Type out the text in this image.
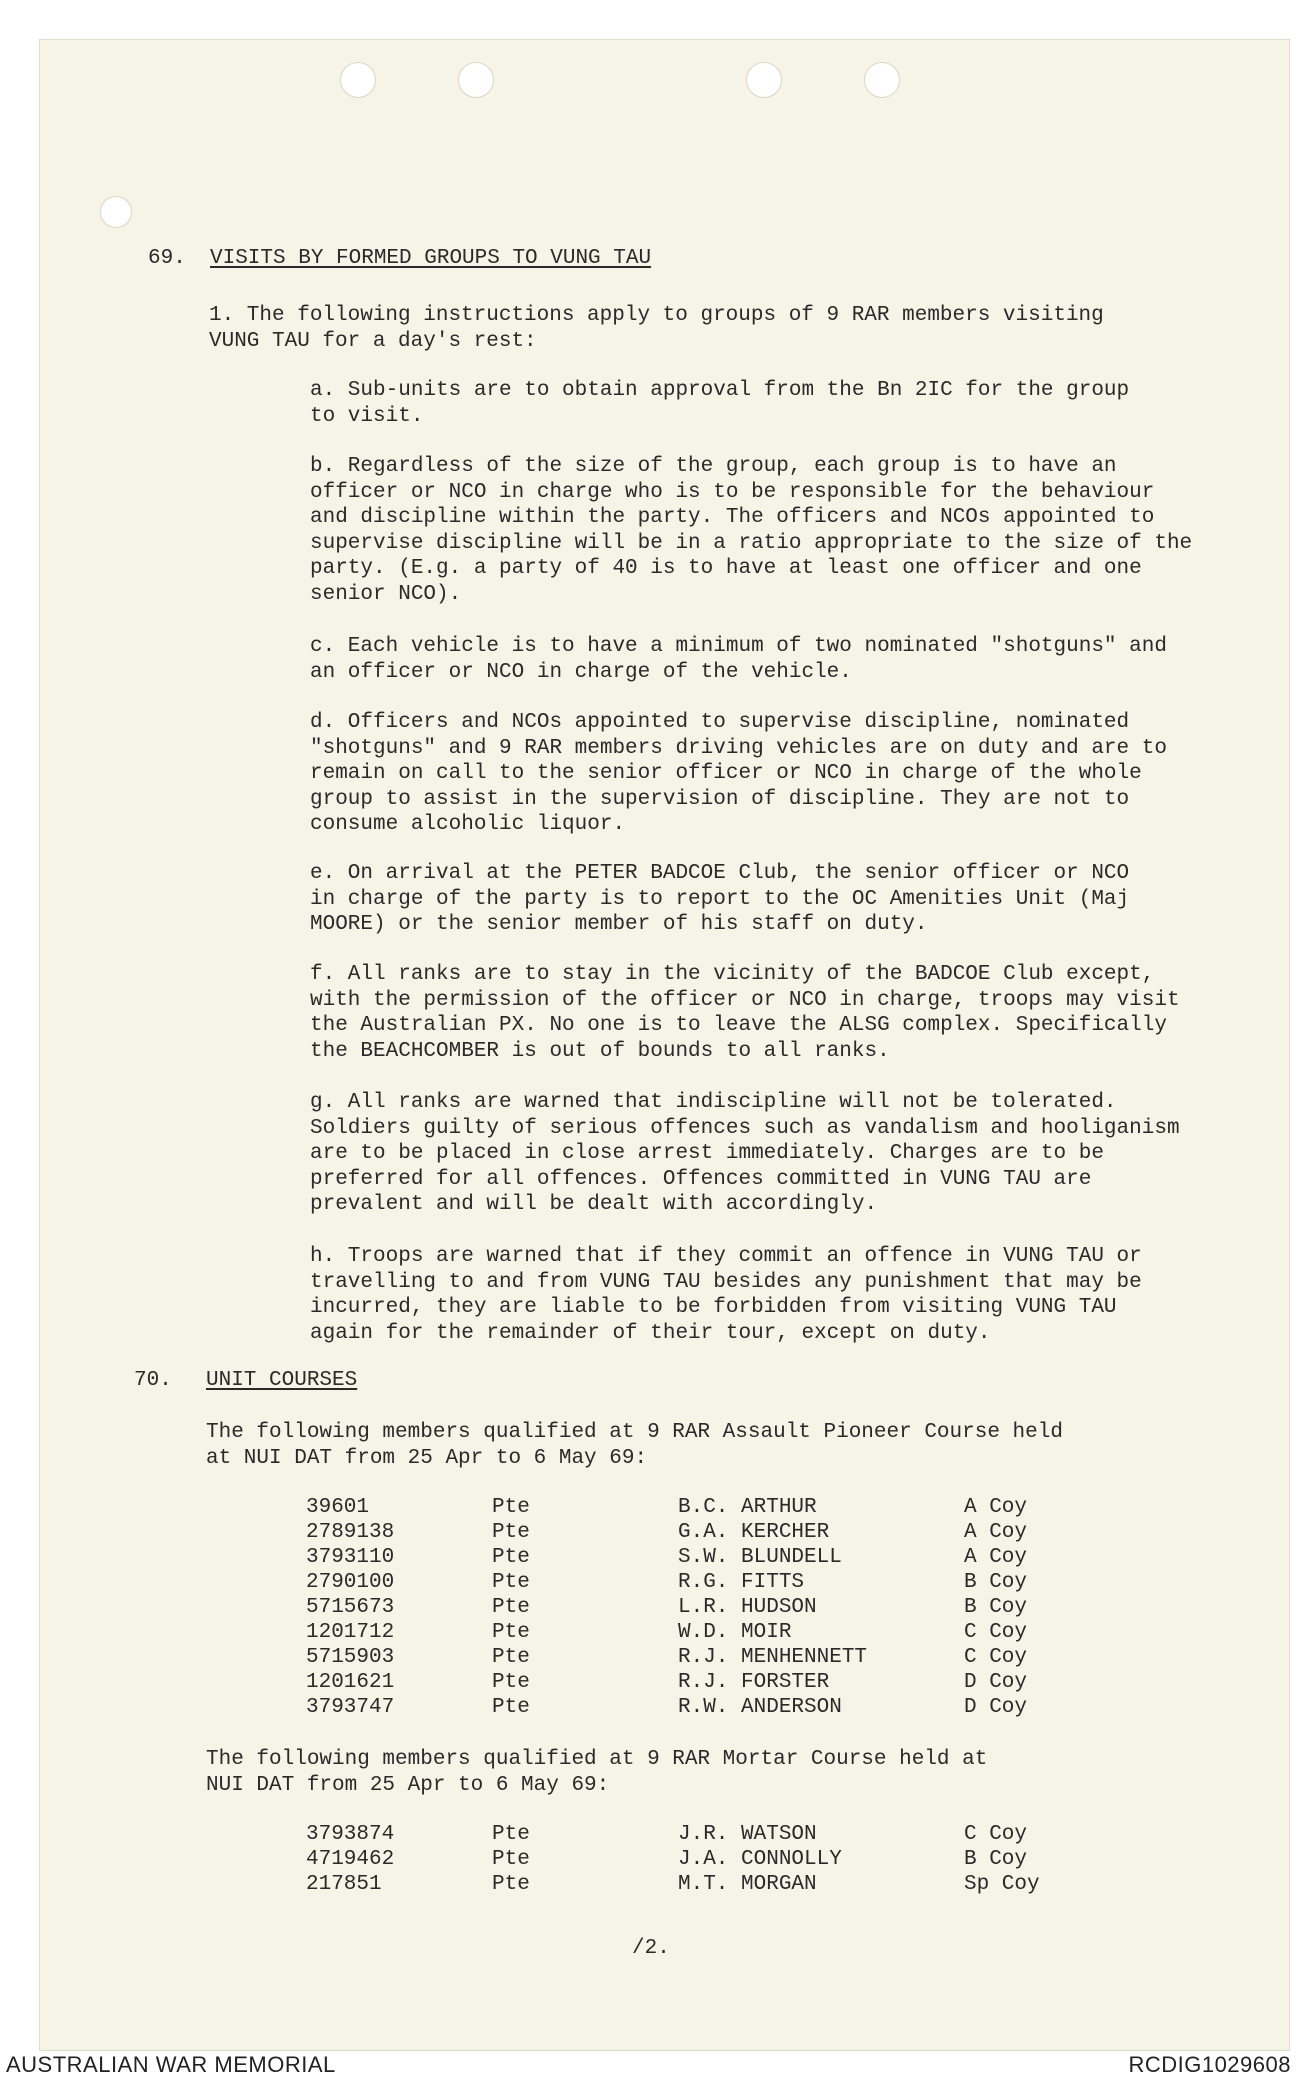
69. VISITS BY FORMED GROUPS TO VUNG TAU
1. The following instructions apply to groups of 9 RAR members visiting
VUNG TAU for a day's rest:
a. Sub-units are to obtain approval from the Bn 2IC for the group
to visit.
b. Regardless of the size of the group, each group is to have an
officer or NCO in charge who is to be responsible for the behaviour
and discipline within the party. The officers and NCOs appointed to
supervise discipline will be in a ratio appropriate to the size of the
party. (E.g. a party of 40 is to have at least one officer and one
senior NCO).
c. Each vehicle is to have a minimum of two nominated "shotguns" and
an officer or NCO in charge of the vehicle.
d. Officers and NCOs appointed to supervise discipline, nominated
"shotguns" and 9 RAR members driving vehicles are on duty and are to
remain on call to the senior officer or NCO in charge of the whole
group to assist in the supervision of discipline. They are not to
consume alcoholic liquor.
e. On arrival at the PETER BADCOE Club, the senior officer or NCO
in charge of the party is to report to the OC Amenities Unit (Maj
MOORE) or the senior member of his staff on duty.
f. All ranks are to stay in the vicinity of the BADCOE Club except,
with the permission of the officer or NCO in charge, troops may visit
the Australian PX. No one is to leave the ALSG complex. Specifically
the BEACHCOMBER is out of bounds to all ranks.
g. All ranks are warned that indiscipline will not be tolerated.
Soldiers guilty of serious offences such as vandalism and hooliganism
are to be placed in close arrest immediately. Charges are to be
preferred for all offences. Offences committed in VUNG TAU are
prevalent and will be dealt with accordingly.
h. Troops are warned that if they commit an offence in VUNG TAU or
travelling to and from VUNG TAU besides any punishment that may be
incurred, they are liable to be forbidden from visiting VUNG TAU
again for the remainder of their tour, except on duty.
70. UNIT COURSES
The following members qualified at 9 RAR Assault Pioneer Course held
at NUI DAT from 25 Apr to 6 May 69:
39601	Pte	B.C. ARTHUR	A Coy
2789138	Pte	G.A. KERCHER	A Coy
3793110	Pte	S.W. BLUNDELL	A Coy
2790100	Pte	R.G. FITTS	B Coy
5715673	Pte	L.R. HUDSON	B Coy
1201712	Pte	W.D. MOIR	C Coy
5715903	Pte	R.J. MENHENNETT	C Coy
1201621	Pte	R.J. FORSTER	D Coy
3793747	Pte	R.W. ANDERSON	D Coy
The following members qualified at 9 RAR Mortar Course held at
NUI DAT from 25 Apr to 6 May 69:
3793874	Pte	J.R. WATSON	C Coy
4719462	Pte	J.A. CONNOLLY	B Coy
217851	Pte	M.T. MORGAN	Sp Coy
/2.
AUSTRALIAN WAR MEMORIAL	RCDIG1029608
